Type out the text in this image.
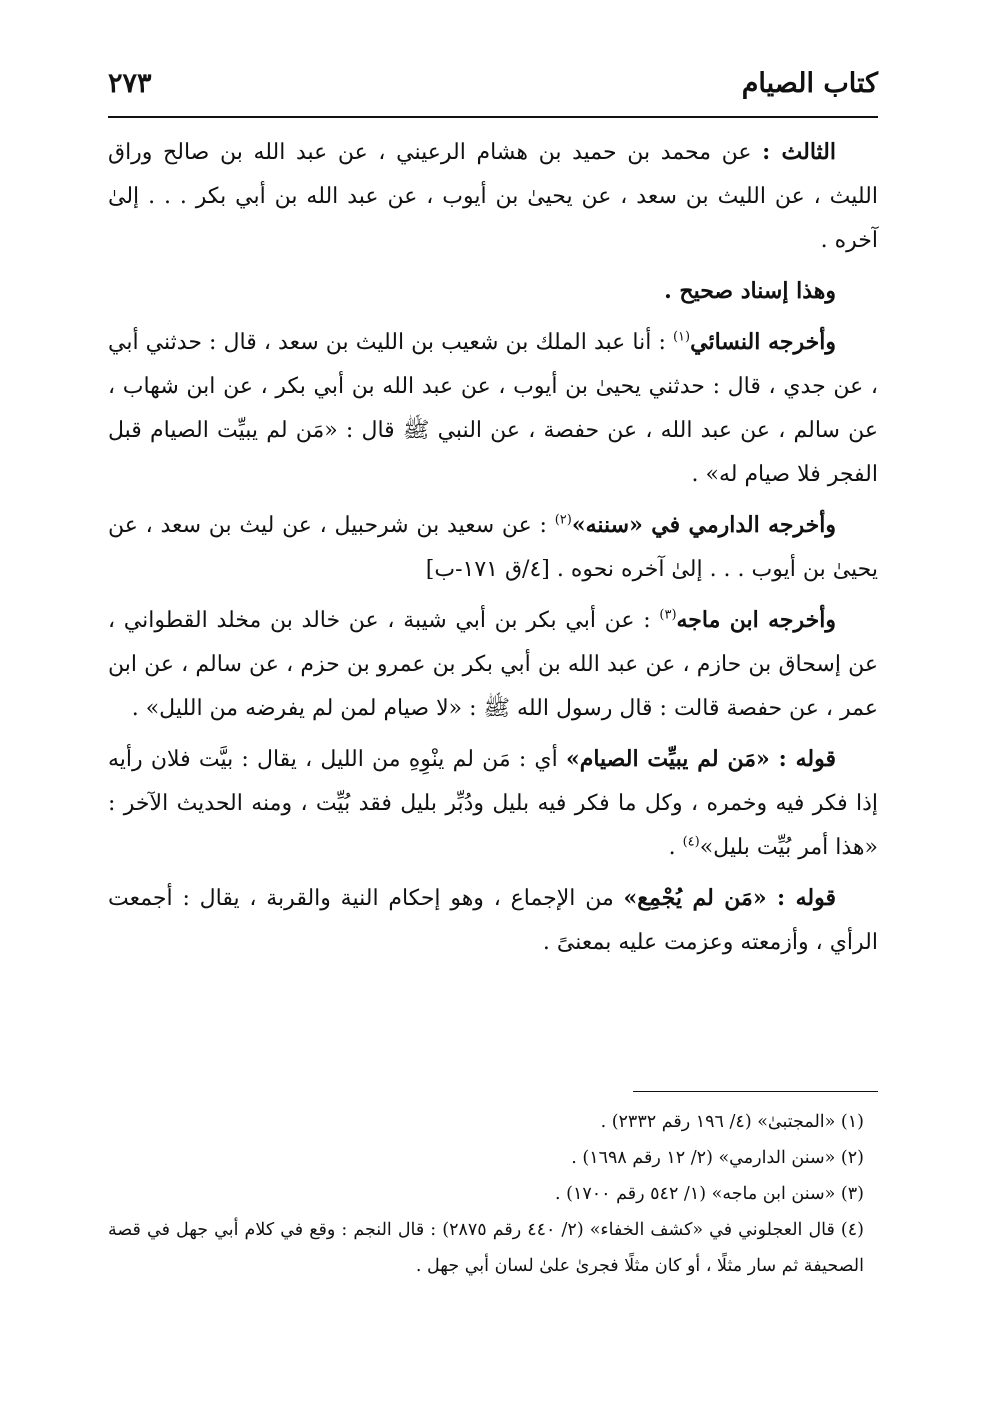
كتاب الصيام
٢٧٣

الثالث : عن محمد بن حميد بن هشام الرعيني ، عن عبد الله بن صالح وراق الليث ، عن الليث بن سعد ، عن يحيىٰ بن أيوب ، عن عبد الله بن أبي بكر . . . إلىٰ آخره .

وهذا إسناد صحيح .

وأخرجه النسائي$^{(١)}$ : أنا عبد الملك بن شعيب بن الليث بن سعد ، قال : حدثني أبي ، عن جدي ، قال : حدثني يحيىٰ بن أيوب ، عن عبد الله بن أبي بكر ، عن ابن شهاب ، عن سالم ، عن عبد الله ، عن حفصة ، عن النبي ﷺ قال : «مَن لم يبيِّت الصيام قبل الفجر فلا صيام له» .

وأخرجه الدارمي في «سننه»$^{(٢)}$ : عن سعيد بن شرحبيل ، عن ليث بن سعد ، عن يحيىٰ بن أيوب . . . إلىٰ آخره نحوه . [٤/ق ١٧١-ب]

وأخرجه ابن ماجه$^{(٣)}$ : عن أبي بكر بن أبي شيبة ، عن خالد بن مخلد القطواني ، عن إسحاق بن حازم ، عن عبد الله بن أبي بكر بن عمرو بن حزم ، عن سالم ، عن ابن عمر ، عن حفصة قالت : قال رسول الله ﷺ : «لا صيام لمن لم يفرضه من الليل» .

قوله : «مَن لم يبيِّت الصيام» أي : مَن لم ينْوِهِ من الليل ، يقال : بيَّت فلان رأيه إذا فكر فيه وخمره ، وكل ما فكر فيه بليل ودُبِّر بليل فقد بُيِّت ، ومنه الحديث الآخر : «هذا أمر بُيِّت بليل»$^{(٤)}$ .

قوله : «مَن لم يُجْمِع» من الإجماع ، وهو إحكام النية والقربة ، يقال : أجمعت الرأي ، وأزمعته وعزمت عليه بمعنىً .

(١) «المجتبىٰ» (٤/ ١٩٦ رقم ٢٣٣٢) .

(٢) «سنن الدارمي» (٢/ ١٢ رقم ١٦٩٨) .

(٣) «سنن ابن ماجه» (١/ ٥٤٢ رقم ١٧٠٠) .

(٤) قال العجلوني في «كشف الخفاء» (٢/ ٤٤٠ رقم ٢٨٧٥) : قال النجم : وقع في كلام أبي جهل في قصة الصحيفة ثم سار مثلًا ، أو كان مثلًا فجرىٰ علىٰ لسان أبي جهل .
